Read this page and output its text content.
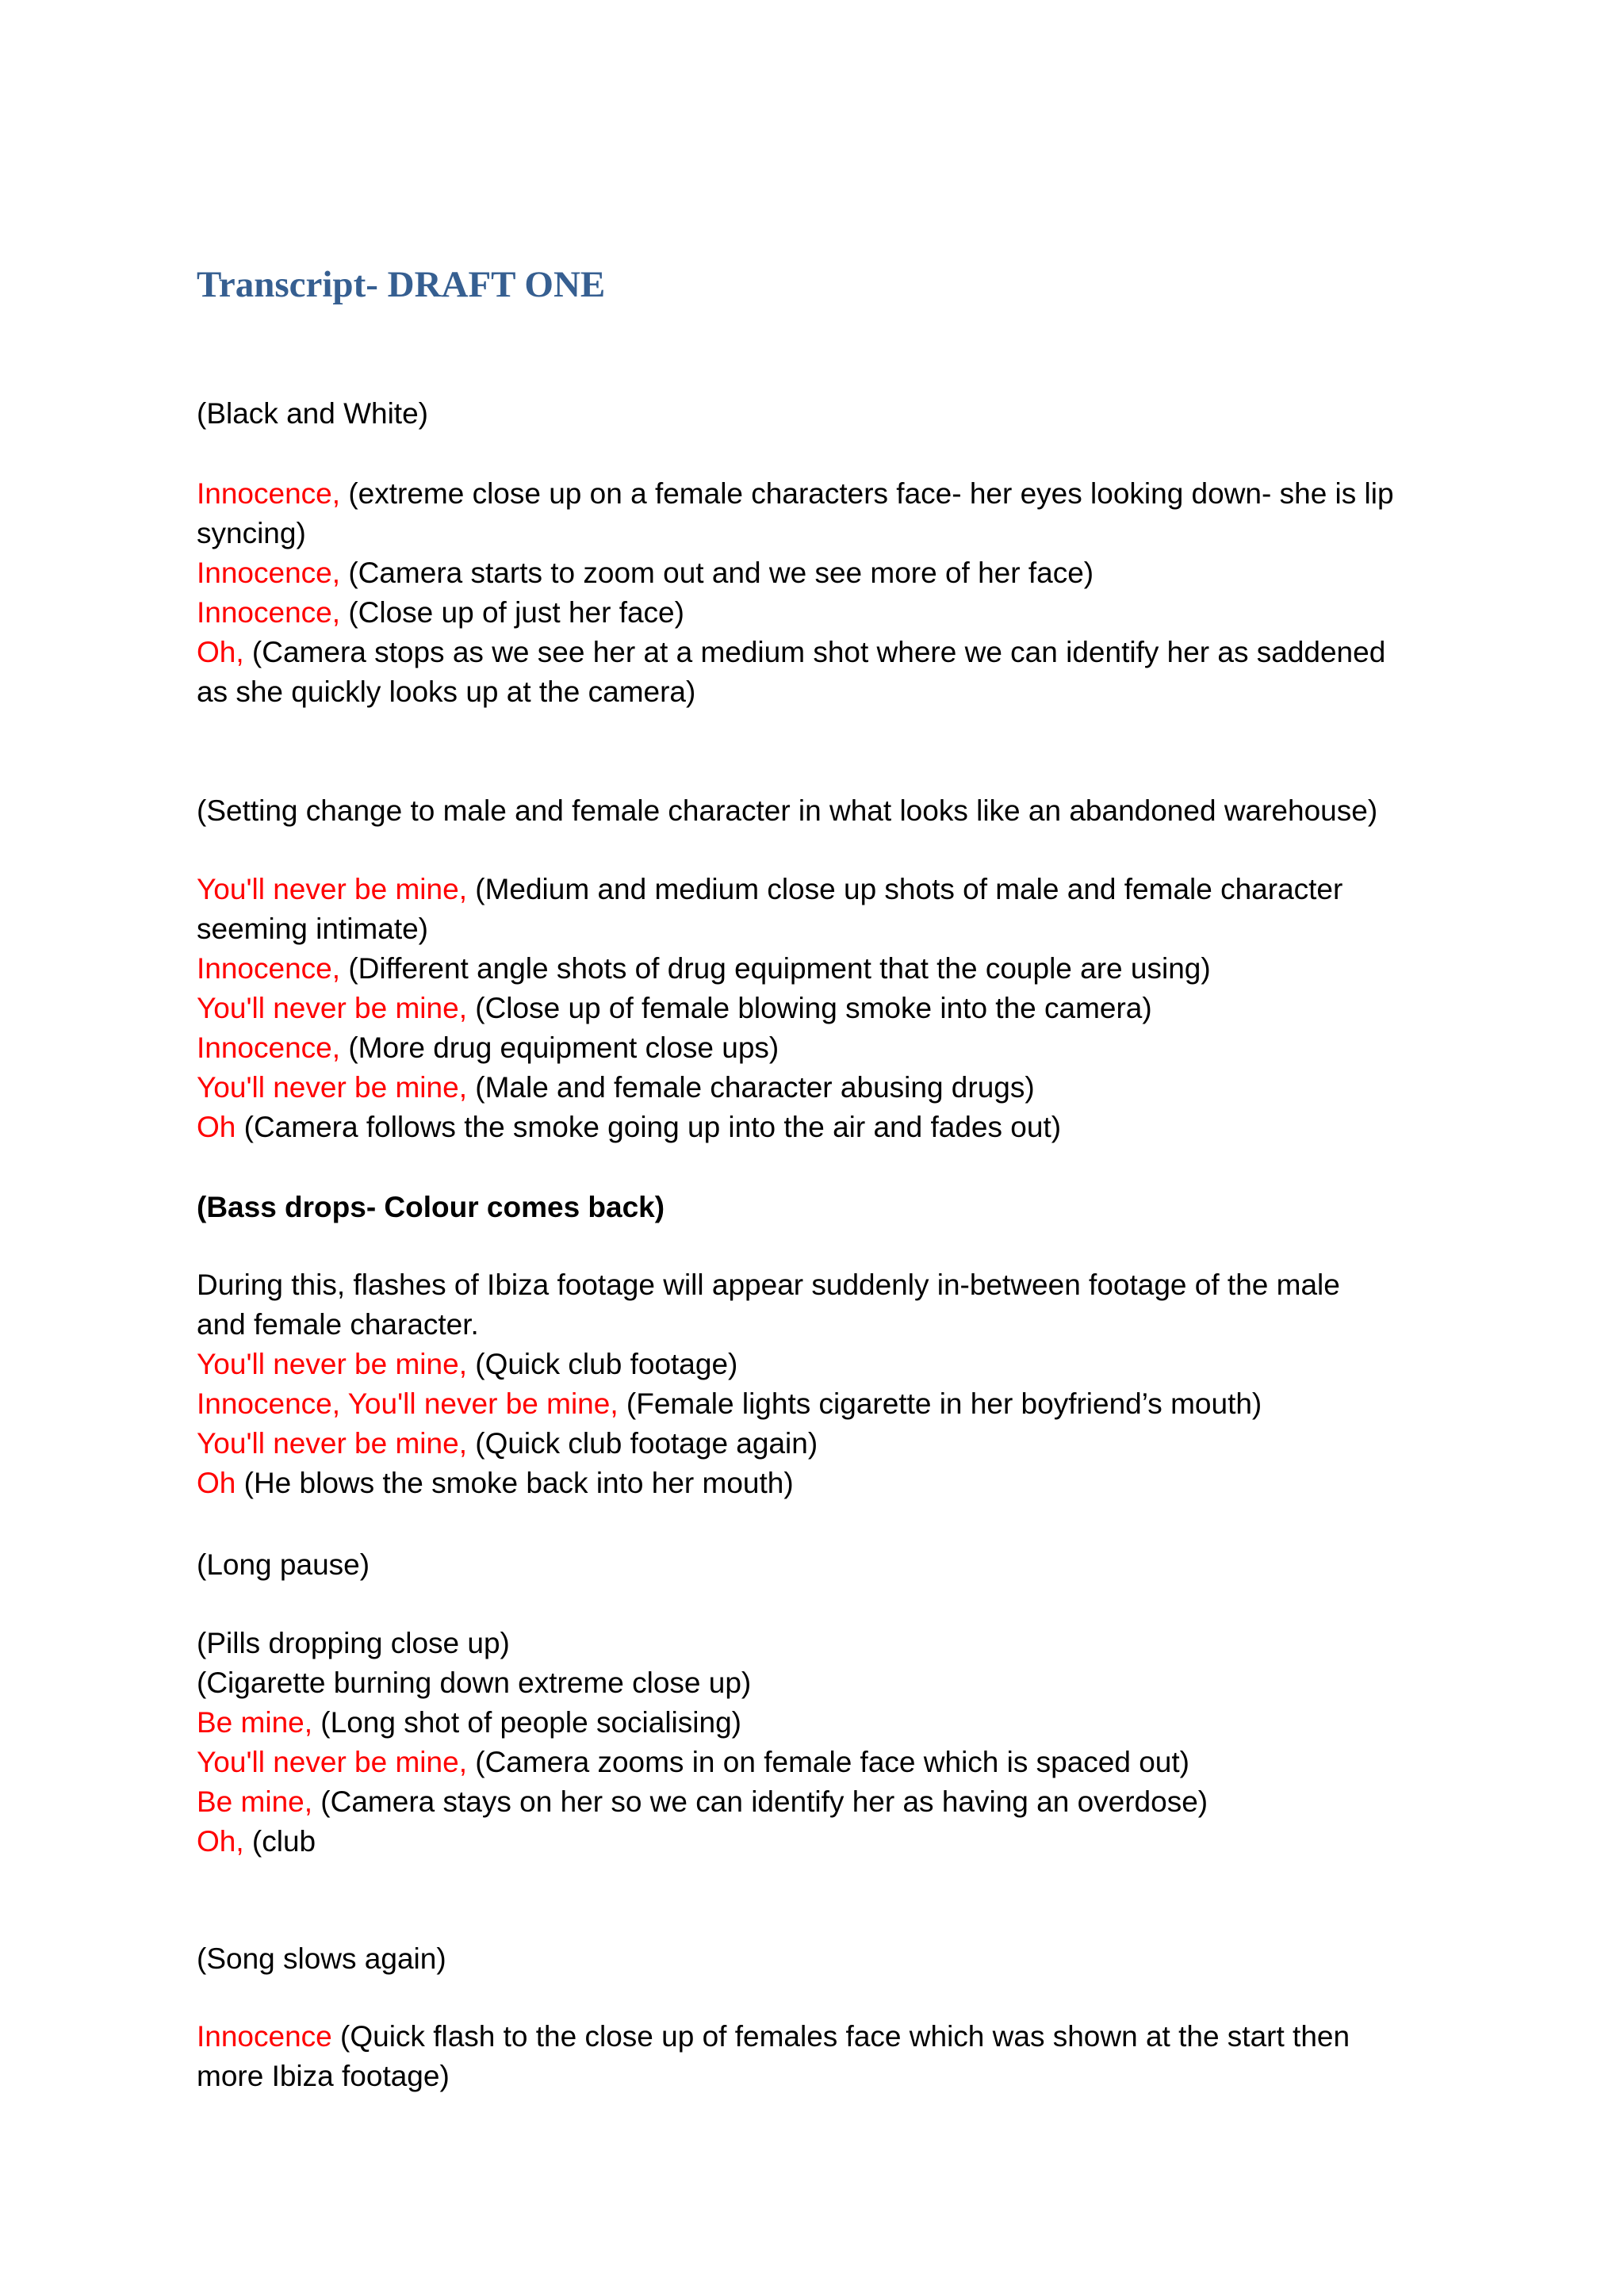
Transcript- DRAFT ONE
(Black and White)
Innocence, (extreme close up on a female characters face- her eyes looking down- she is lip
syncing)
Innocence, (Camera starts to zoom out and we see more of her face)
Innocence, (Close up of just her face)
Oh, (Camera stops as we see her at a medium shot where we can identify her as saddened
as she quickly looks up at the camera)
(Setting change to male and female character in what looks like an abandoned warehouse)
You'll never be mine, (Medium and medium close up shots of male and female character
seeming intimate)
Innocence, (Different angle shots of drug equipment that the couple are using)
You'll never be mine, (Close up of female blowing smoke into the camera)
Innocence, (More drug equipment close ups)
You'll never be mine, (Male and female character abusing drugs)
Oh (Camera follows the smoke going up into the air and fades out)
(Bass drops- Colour comes back)
During this, flashes of Ibiza footage will appear suddenly in-between footage of the male
and female character.
You'll never be mine, (Quick club footage)
Innocence, You'll never be mine, (Female lights cigarette in her boyfriend’s mouth)
You'll never be mine, (Quick club footage again)
Oh (He blows the smoke back into her mouth)
(Long pause)
(Pills dropping close up)
(Cigarette burning down extreme close up)
Be mine, (Long shot of people socialising)
You'll never be mine, (Camera zooms in on female face which is spaced out)
Be mine, (Camera stays on her so we can identify her as having an overdose)
Oh, (club
(Song slows again)
Innocence (Quick flash to the close up of females face which was shown at the start then
more Ibiza footage)
